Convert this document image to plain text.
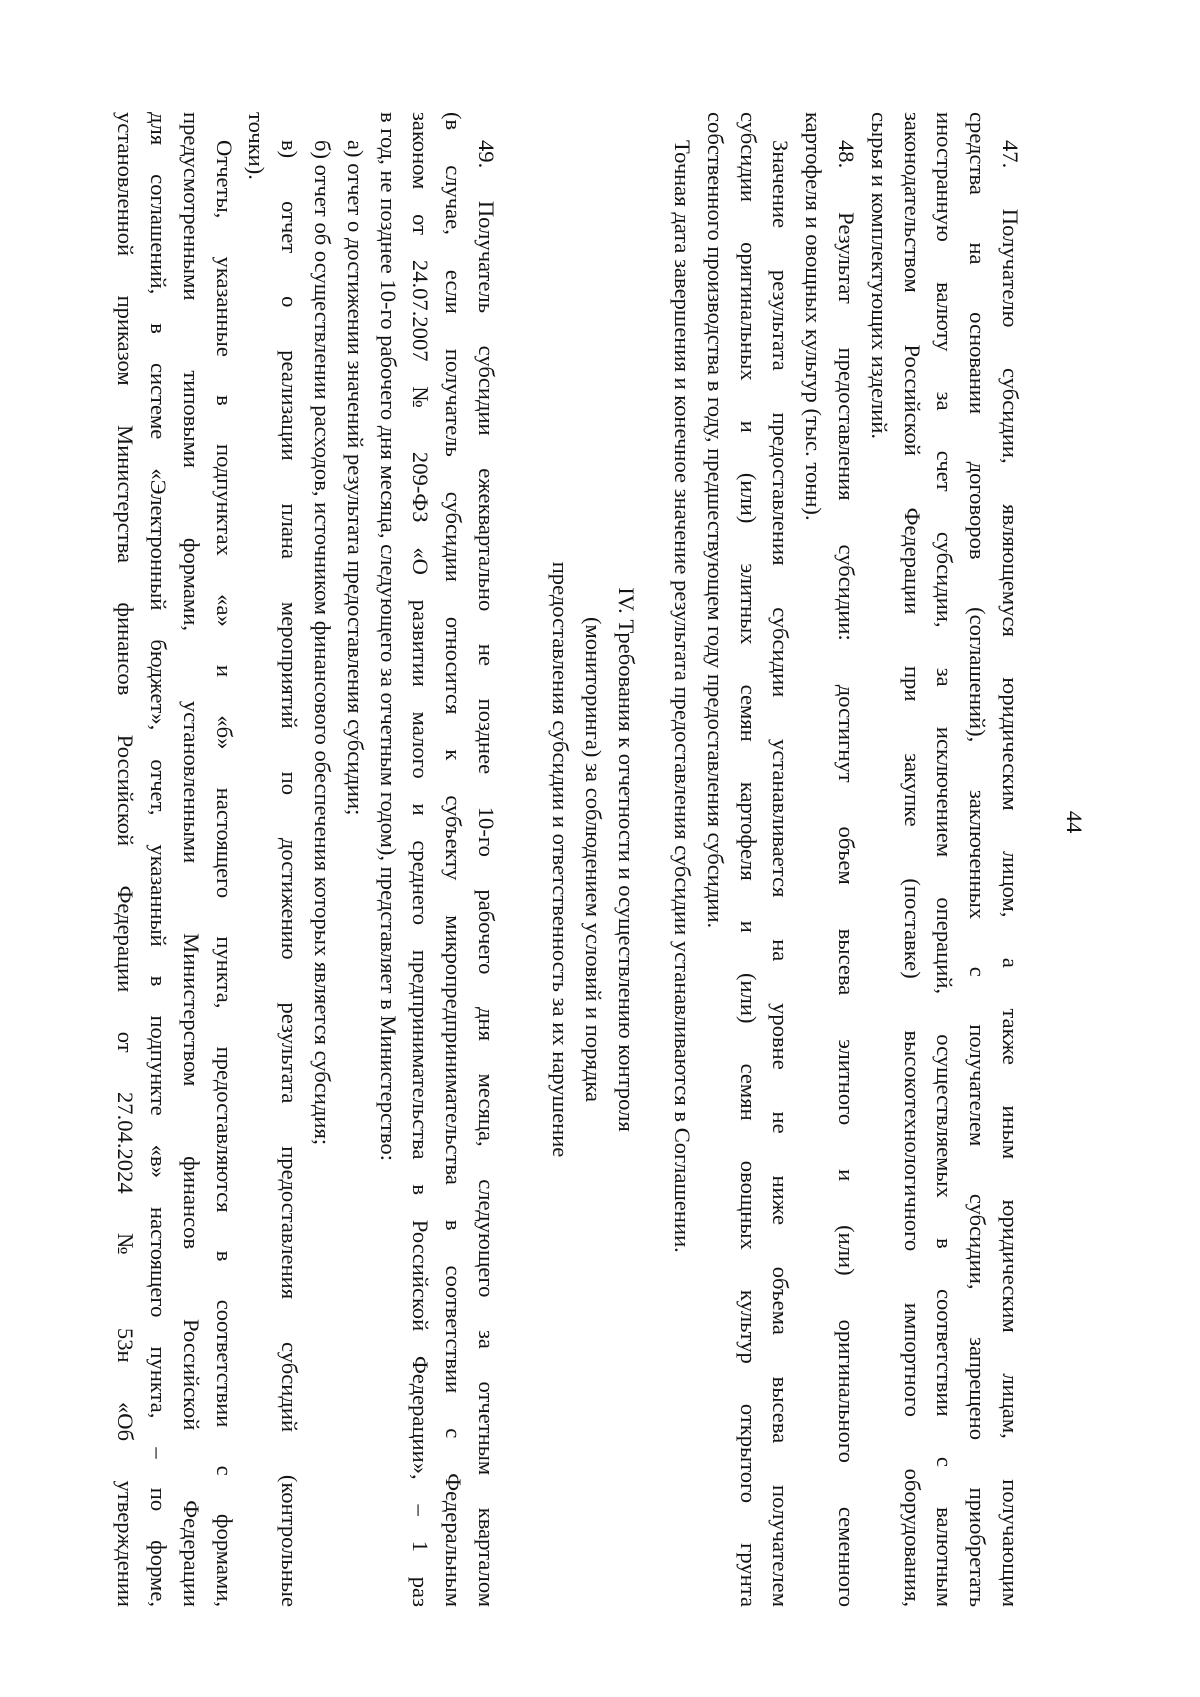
44
47. Получателю субсидии, являющемуся юридическим лицом, а также иным юридическим лицам, получающим
средства на основании договоров (соглашений), заключенных с получателем субсидии, запрещено приобретать
иностранную валюту за счет субсидии, за исключением операций, осуществляемых в соответствии с валютным
законодательством Российской Федерации при закупке (поставке) высокотехнологичного импортного оборудования,
сырья и комплектующих изделий.
48. Результат предоставления субсидии: достигнут объем высева элитного и (или) оригинального семенного
картофеля и овощных культур (тыс. тонн).
Значение результата предоставления субсидии устанавливается на уровне не ниже объема высева получателем
субсидии оригинальных и (или) элитных семян картофеля и (или) семян овощных культур открытого грунта
собственного производства в году, предшествующем году предоставления субсидии.
Точная дата завершения и конечное значение результата предоставления субсидии устанавливаются в Соглашении.
IV. Требования к отчетности и осуществлению контроля
(мониторинга) за соблюдением условий и порядка
предоставления субсидии и ответственность за их нарушение
49. Получатель субсидии ежеквартально не позднее 10-го рабочего дня месяца, следующего за отчетным кварталом
(в случае, если получатель субсидии относится к субъекту микропредпринимательства в соответствии с Федеральным
законом от 24.07.2007 № 209-ФЗ «О развитии малого и среднего предпринимательства в Российской Федерации», – 1 раз
в год, не позднее 10-го рабочего дня месяца, следующего за отчетным годом), представляет в Министерство:
а) отчет о достижении значений результата предоставления субсидии;
б) отчет об осуществлении расходов, источником финансового обеспечения которых является субсидия;
в) отчет о реализации плана мероприятий по достижению результата предоставления субсидий (контрольные
точки).
Отчеты, указанные в подпунктах «а» и «б» настоящего пункта, предоставляются в соответствии с формами,
предусмотренными типовыми формами, установленными Министерством финансов Российской Федерации
для соглашений, в системе «Электронный бюджет», отчет, указанный в подпункте «в» настоящего пункта, – по форме,
установленной приказом Министерства финансов Российской Федерации от 27.04.2024 № 53н «Об утверждении
